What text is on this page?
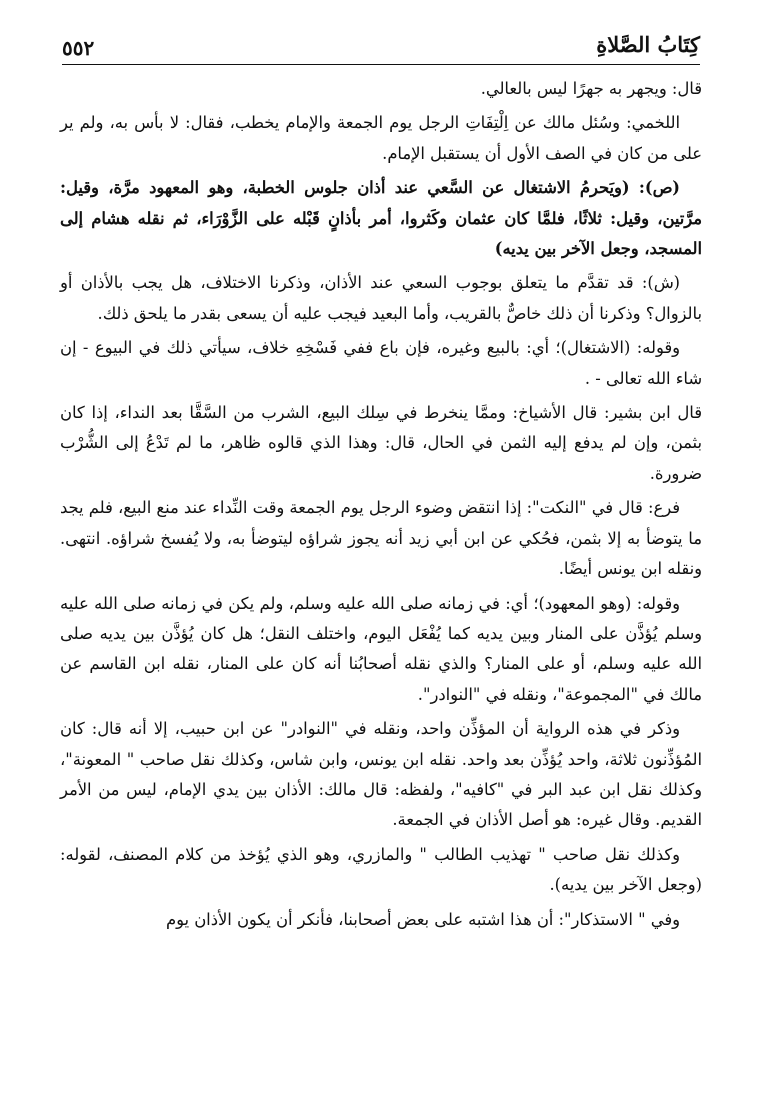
كِتَابُ الصَّلاةِ
٥٥٢

قال: ويجهر به جهرًا ليس بالعالي.

اللخمي: وسُئل مالك عن اِلْتِفَاتِ الرجل يوم الجمعة والإمام يخطب، فقال: لا بأس به، ولم ير على من كان في الصف الأول أن يستقبل الإمام.

(ص): (ويَحرمُ الاشتغال عن السَّعي عند أذان جلوس الخطبة، وهو المعهود مرَّة، وقيل: مرَّتين، وقيل: ثلاثًا، فلمَّا كان عثمان وكَثروا، أمر بأذانٍ قَبْله على الزَّوْرَاء، ثم نقله هشام إلى المسجد، وجعل الآخر بين يديه)

(ش): قد تقدَّم ما يتعلق بوجوب السعي عند الأذان، وذكرنا الاختلاف، هل يجب بالأذان أو بالزوال؟ وذكرنا أن ذلك خاصٌّ بالقريب، وأما البعيد فيجب عليه أن يسعى بقدر ما يلحق ذلك.

وقوله: (الاشتغال)؛ أي: بالبيع وغيره، فإن باع ففي فَسْخِهِ خلاف، سيأتي ذلك في البيوع - إن شاء الله تعالى - .

قال ابن بشير: قال الأشياخ: وممَّا ينخرط في سِلك البيع، الشرب من السَّقَّا بعد النداء، إذا كان بثمن، وإن لم يدفع إليه الثمن في الحال، قال: وهذا الذي قالوه ظاهر، ما لم تَدْعُ إلى الشُّرْب ضرورة.

فرع: قال في "النكت": إذا انتقض وضوء الرجل يوم الجمعة وقت النِّداء عند منع البيع، فلم يجد ما يتوضأ به إلا بثمن، فحُكي عن ابن أبي زيد أنه يجوز شراؤه ليتوضأ به، ولا يُفسخ شراؤه. انتهى. ونقله ابن يونس أيضًا.

وقوله: (وهو المعهود)؛ أي: في زمانه صلى الله عليه وسلم، ولم يكن في زمانه صلى الله عليه وسلم يُؤذَّن على المنار وبين يديه كما يُفْعَل اليوم، واختلف النقل؛ هل كان يُؤذَّن بين يديه صلى الله عليه وسلم، أو على المنار؟ والذي نقله أصحابُنا أنه كان على المنار، نقله ابن القاسم عن مالك في "المجموعة"، ونقله في "النوادر".

وذكر في هذه الرواية أن المؤذِّن واحد، ونقله في "النوادر" عن ابن حبيب، إلا أنه قال: كان المُؤذِّنون ثلاثة، واحد يُؤذِّن بعد واحد. نقله ابن يونس، وابن شاس، وكذلك نقل صاحب " المعونة"، وكذلك نقل ابن عبد البر في "كافيه"، ولفظه: قال مالك: الأذان بين يدي الإمام، ليس من الأمر القديم. وقال غيره: هو أصل الأذان في الجمعة.

وكذلك نقل صاحب " تهذيب الطالب " والمازري، وهو الذي يُؤخذ من كلام المصنف، لقوله: (وجعل الآخر بين يديه).

وفي " الاستذكار": أن هذا اشتبه على بعض أصحابنا، فأنكر أن يكون الأذان يوم
